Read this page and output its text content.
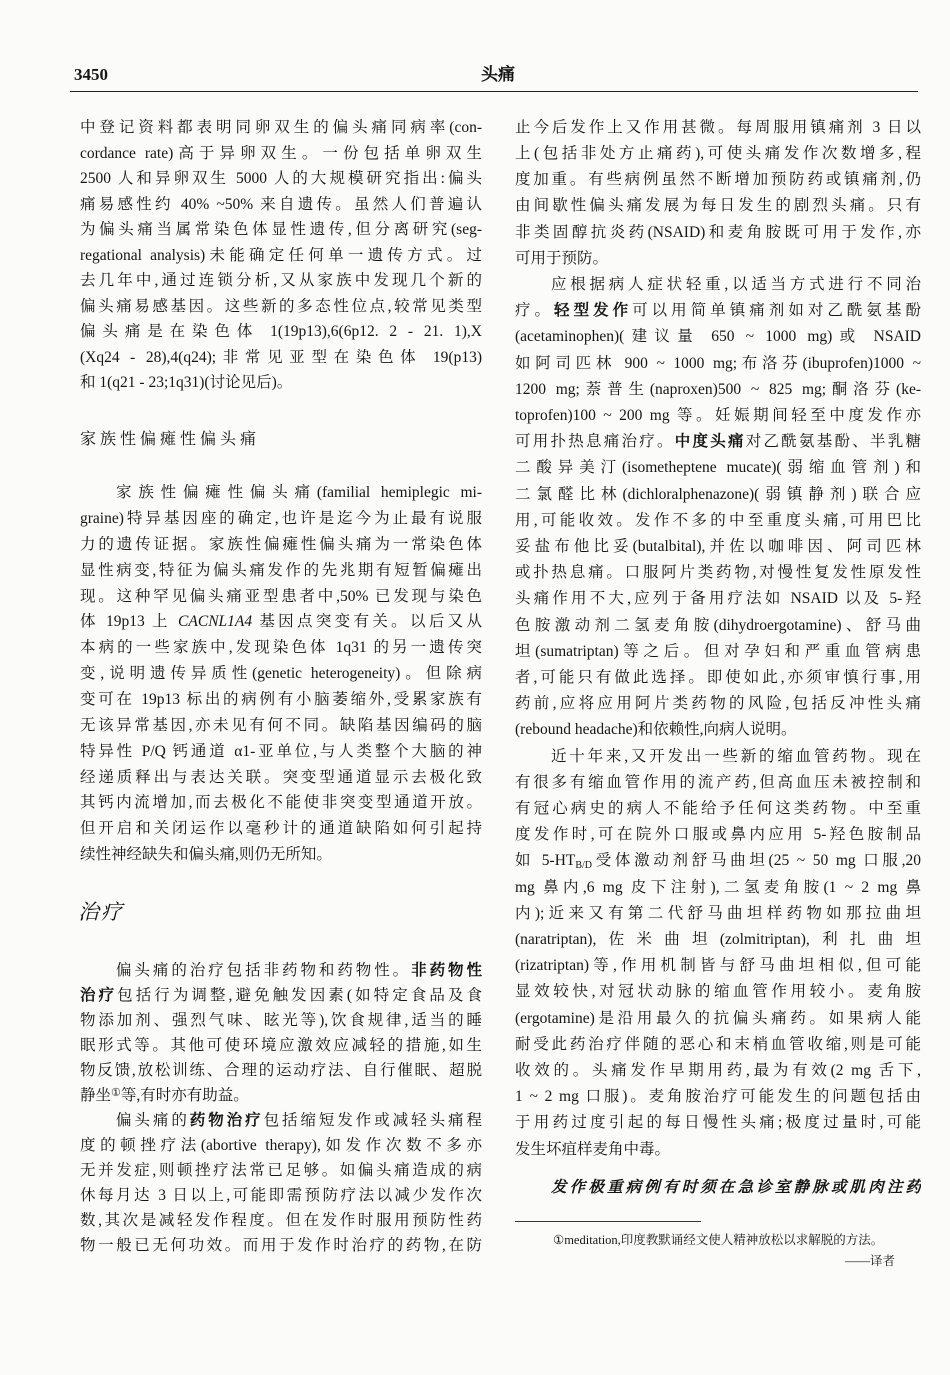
3450	头痛
中登记资料都表明同卵双生的偏头痛同病率(con-
cordance rate)高于异卵双生。一份包括单卵双生
2500 人和异卵双生 5000 人的大规模研究指出:偏头
痛易感性约 40% ~50% 来自遗传。虽然人们普遍认
为偏头痛当属常染色体显性遗传,但分离研究(seg-
regational analysis)未能确定任何单一遗传方式。过
去几年中,通过连锁分析,又从家族中发现几个新的
偏头痛易感基因。这些新的多态性位点,较常见类型
偏头痛是在染色体 1(19p13),6(6p12. 2 - 21. 1),X
(Xq24 - 28),4(q24);非常见亚型在染色体 19(p13)
和 1(q21 - 23;1q31)(讨论见后)。
家族性偏瘫性偏头痛
家族性偏瘫性偏头痛(familial hemiplegic mi-
graine)特异基因座的确定,也许是迄今为止最有说服
力的遗传证据。家族性偏瘫性偏头痛为一常染色体
显性病变,特征为偏头痛发作的先兆期有短暂偏瘫出
现。这种罕见偏头痛亚型患者中,50% 已发现与染色
体 19p13 上 CACNL1A4 基因点突变有关。以后又从
本病的一些家族中,发现染色体 1q31 的另一遗传突
变,说明遗传异质性(genetic heterogeneity)。但除病
变可在 19p13 标出的病例有小脑萎缩外,受累家族有
无该异常基因,亦未见有何不同。缺陷基因编码的脑
特异性 P/Q 钙通道 α1-亚单位,与人类整个大脑的神
经递质释出与表达关联。突变型通道显示去极化致
其钙内流增加,而去极化不能使非突变型通道开放。
但开启和关闭运作以毫秒计的通道缺陷如何引起持
续性神经缺失和偏头痛,则仍无所知。
治疗
偏头痛的治疗包括非药物和药物性。非药物性
治疗包括行为调整,避免触发因素(如特定食品及食
物添加剂、强烈气味、眩光等),饮食规律,适当的睡
眠形式等。其他可使环境应激效应减轻的措施,如生
物反馈,放松训练、合理的运动疗法、自行催眠、超脱
静坐①等,有时亦有助益。
偏头痛的药物治疗包括缩短发作或减轻头痛程
度的顿挫疗法(abortive therapy),如发作次数不多亦
无并发症,则顿挫疗法常已足够。如偏头痛造成的病
休每月达 3 日以上,可能即需预防疗法以减少发作次
数,其次是减轻发作程度。但在发作时服用预防性药
物一般已无何功效。而用于发作时治疗的药物,在防
止今后发作上又作用甚微。每周服用镇痛剂 3 日以
上(包括非处方止痛药),可使头痛发作次数增多,程
度加重。有些病例虽然不断增加预防药或镇痛剂,仍
由间歇性偏头痛发展为每日发生的剧烈头痛。只有
非类固醇抗炎药(NSAID)和麦角胺既可用于发作,亦
可用于预防。
应根据病人症状轻重,以适当方式进行不同治
疗。轻型发作可以用简单镇痛剂如对乙酰氨基酚
(acetaminophen)(建议量 650 ~ 1000 mg)或 NSAID
如阿司匹林 900 ~ 1000 mg;布洛芬(ibuprofen)1000 ~
1200 mg;萘普生(naproxen)500 ~ 825 mg;酮洛芬(ke-
toprofen)100 ~ 200 mg 等。妊娠期间轻至中度发作亦
可用扑热息痛治疗。中度头痛对乙酰氨基酚、半乳糖
二酸异美汀(isometheptene mucate)(弱缩血管剂)和
二氯醛比林(dichloralphenazone)(弱镇静剂)联合应
用,可能收效。发作不多的中至重度头痛,可用巴比
妥盐布他比妥(butalbital),并佐以咖啡因、阿司匹林
或扑热息痛。口服阿片类药物,对慢性复发性原发性
头痛作用不大,应列于备用疗法如 NSAID 以及 5-羟
色胺激动剂二氢麦角胺(dihydroergotamine)、舒马曲
坦(sumatriptan)等之后。但对孕妇和严重血管病患
者,可能只有做此选择。即使如此,亦须审慎行事,用
药前,应将应用阿片类药物的风险,包括反冲性头痛
(rebound headache)和依赖性,向病人说明。
近十年来,又开发出一些新的缩血管药物。现在
有很多有缩血管作用的流产药,但高血压未被控制和
有冠心病史的病人不能给予任何这类药物。中至重
度发作时,可在院外口服或鼻内应用 5-羟色胺制品
如 $5-HT_{B/D}$受体激动剂舒马曲坦(25 ~ 50 mg 口服,20
mg 鼻内,6 mg 皮下注射),二氢麦角胺(1 ~ 2 mg 鼻
内);近来又有第二代舒马曲坦样药物如那拉曲坦
(naratriptan),佐米曲坦(zolmitriptan),利扎曲坦
(rizatriptan)等,作用机制皆与舒马曲坦相似,但可能
显效较快,对冠状动脉的缩血管作用较小。麦角胺
(ergotamine)是沿用最久的抗偏头痛药。如果病人能
耐受此药治疗伴随的恶心和末梢血管收缩,则是可能
收效的。头痛发作早期用药,最为有效(2 mg 舌下,
1 ~ 2 mg 口服)。麦角胺治疗可能发生的问题包括由
于用药过度引起的每日慢性头痛;极度过量时,可能
发生坏疽样麦角中毒。
发作极重病例有时须在急诊室静脉或肌肉注药
①meditation,印度教默诵经文使人精神放松以求解脱的方法。
——译者
